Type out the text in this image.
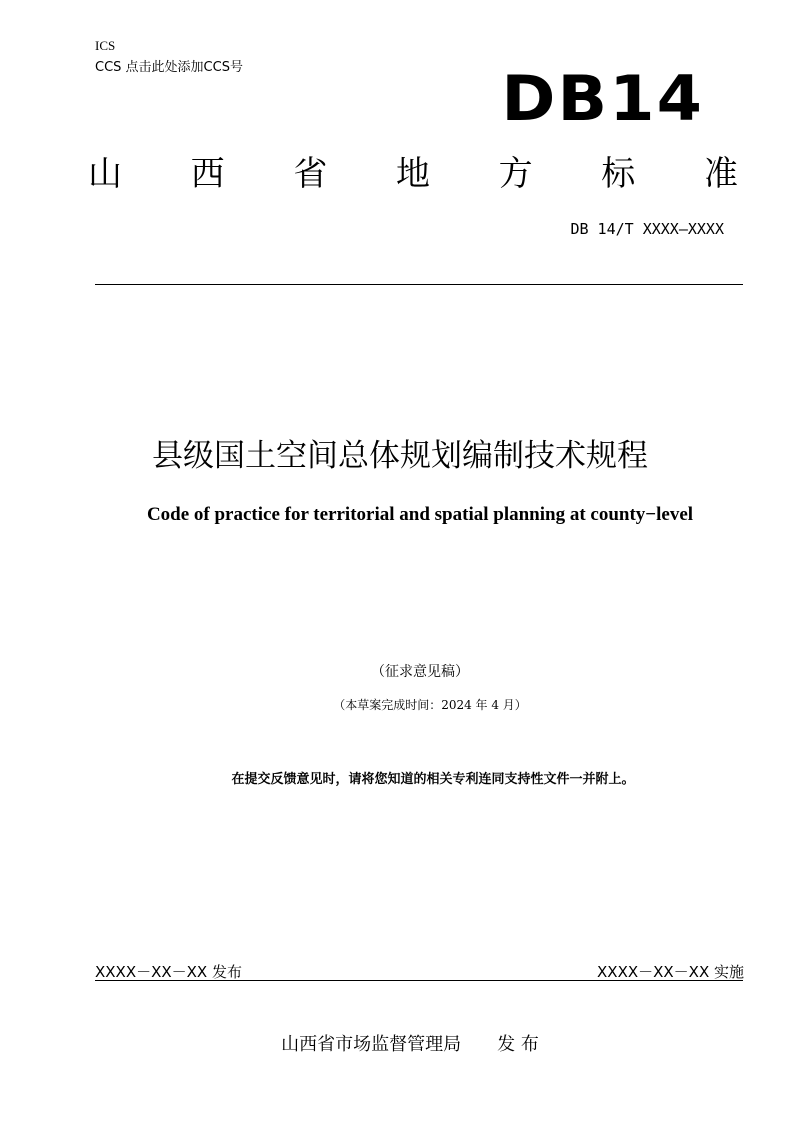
ICS
CCS 点击此处添加CCS号	DB14
山 西 省 地 方 标 准
DB 14/T XXXX—XXXX
县级国土空间总体规划编制技术规程
Code of practice for territorial and spatial planning at county−level
（征求意见稿）
（本草案完成时间：2024 年 4 月）
在提交反馈意见时，请将您知道的相关专利连同支持性文件一并附上。
XXXX－XX－XX 发布	XXXX－XX－XX 实施
山西省市场监督管理局 发 布
